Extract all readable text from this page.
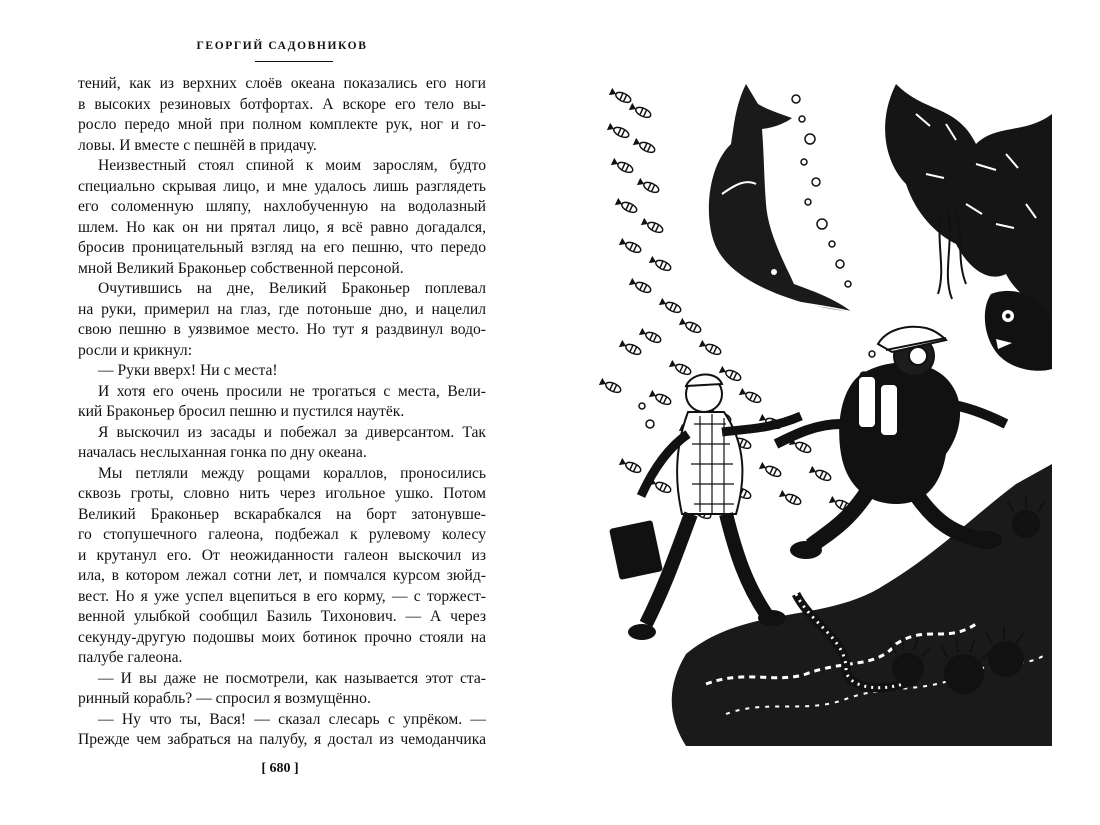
ГЕОРГИЙ САДОВНИКОВ

тений, как из верхних слоёв океана показались его ноги

в высоких резиновых ботфортах. А вскоре его тело вы-

росло передо мной при полном комплекте рук, ног и го-

ловы. И вместе с пешнёй в придачу.

Неизвестный стоял спиной к моим зарослям, будто

специально скрывая лицо, и мне удалось лишь разглядеть

его соломенную шляпу, нахлобученную на водолазный

шлем. Но как он ни прятал лицо, я всё равно догадался,

бросив проницательный взгляд на его пешню, что передо

мной Великий Браконьер собственной персоной.

Очутившись на дне, Великий Браконьер поплевал

на руки, примерил на глаз, где потоньше дно, и нацелил

свою пешню в уязвимое место. Но тут я раздвинул водо-

росли и крикнул:

— Руки вверх! Ни с места!

И хотя его очень просили не трогаться с места, Вели-

кий Браконьер бросил пешню и пустился наутёк.

Я выскочил из засады и побежал за диверсантом. Так

началась неслыханная гонка по дну океана.

Мы петляли между рощами кораллов, проносились

сквозь гроты, словно нить через игольное ушко. Потом

Великий Браконьер вскарабкался на борт затонувше-

го стопушечного галеона, подбежал к рулевому колесу

и крутанул его. От неожиданности галеон выскочил из

ила, в котором лежал сотни лет, и помчался курсом зюйд-

вест. Но я уже успел вцепиться в его корму, — с торжест-

венной улыбкой сообщил Базиль Тихонович. — А через

секунду-другую подошвы моих ботинок прочно стояли на

палубе галеона.

— И вы даже не посмотрели, как называется этот ста-

ринный корабль? — спросил я возмущённо.

— Ну что ты, Вася! — сказал слесарь с упрёком. —

Прежде чем забраться на палубу, я достал из чемоданчика

[ 680 ]
